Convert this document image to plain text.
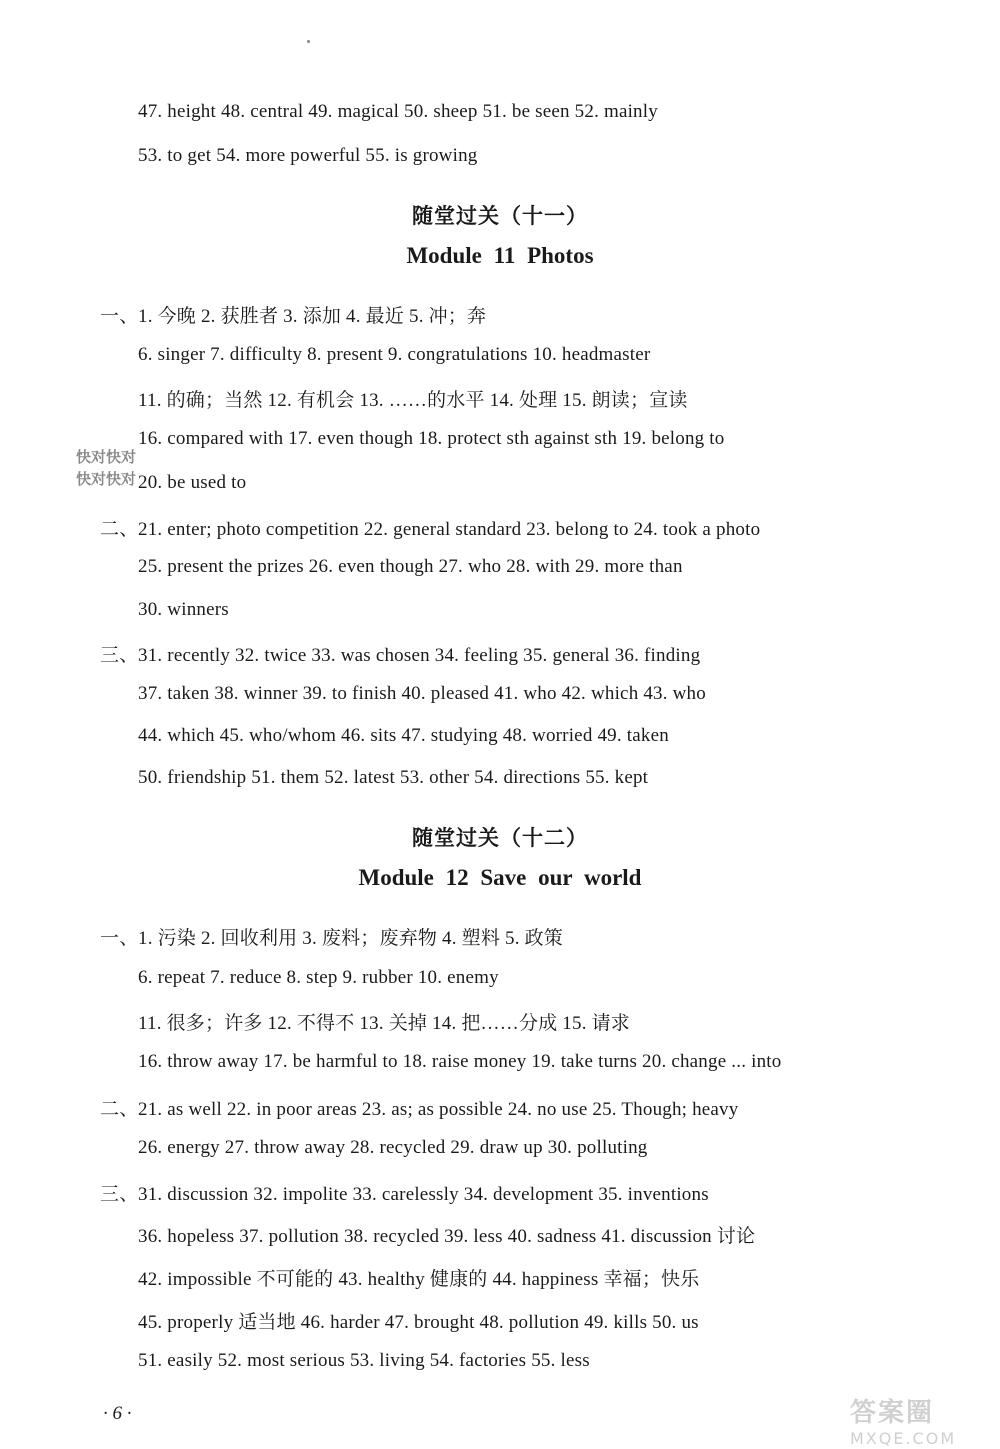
47. height 48. central 49. magical 50. sheep 51. be seen 52. mainly
53. to get 54. more powerful 55. is growing
随堂过关（十一）
Module 11 Photos
一、1. 今晚 2. 获胜者 3. 添加 4. 最近 5. 冲；奔
6. singer 7. difficulty 8. present 9. congratulations 10. headmaster
11. 的确；当然 12. 有机会 13. ……的水平 14. 处理 15. 朗读；宣读
16. compared with 17. even though 18. protect sth against sth 19. belong to
20. be used to
二、21. enter; photo competition 22. general standard 23. belong to 24. took a photo
25. present the prizes 26. even though 27. who 28. with 29. more than
30. winners
三、31. recently 32. twice 33. was chosen 34. feeling 35. general 36. finding
37. taken 38. winner 39. to finish 40. pleased 41. who 42. which 43. who
44. which 45. who/whom 46. sits 47. studying 48. worried 49. taken
50. friendship 51. them 52. latest 53. other 54. directions 55. kept
随堂过关（十二）
Module 12 Save our world
一、1. 污染 2. 回收利用 3. 废料；废弃物 4. 塑料 5. 政策
6. repeat 7. reduce 8. step 9. rubber 10. enemy
11. 很多；许多 12. 不得不 13. 关掉 14. 把……分成 15. 请求
16. throw away 17. be harmful to 18. raise money 19. take turns 20. change ... into
二、21. as well 22. in poor areas 23. as; as possible 24. no use 25. Though; heavy
26. energy 27. throw away 28. recycled 29. draw up 30. polluting
三、31. discussion 32. impolite 33. carelessly 34. development 35. inventions
36. hopeless 37. pollution 38. recycled 39. less 40. sadness 41. discussion 讨论
42. impossible 不可能的 43. healthy 健康的 44. happiness 幸福；快乐
45. properly 适当地 46. harder 47. brought 48. pollution 49. kills 50. us
51. easily 52. most serious 53. living 54. factories 55. less
· 6 ·
快对快对
快对快对
答案圈
MXQE.COM
